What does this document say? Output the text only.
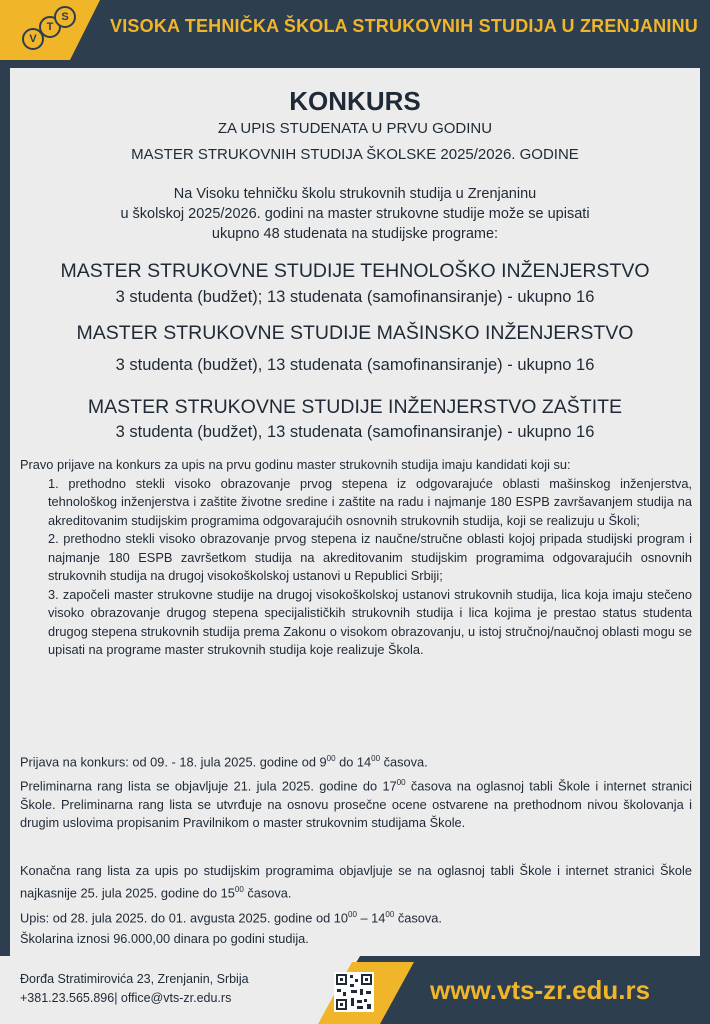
V
T
S	VISOKA TEHNIČKA ŠKOLA STRUKOVNIH STUDIJA U ZRENJANINU
KONKURS
ZA UPIS STUDENATA U PRVU GODINU
MASTER STRUKOVNIH STUDIJA ŠKOLSKE 2025/2026. GODINE
Na Visoku tehničku školu strukovnih studija u Zrenjaninu
u školskoj 2025/2026. godini na master strukovne studije može se upisati
ukupno 48 studenata na studijske programe:
MASTER STRUKOVNE STUDIJE TEHNOLOŠKO INŽENJERSTVO
3 studenta (budžet); 13 studenata (samofinansiranje) - ukupno 16
MASTER STRUKOVNE STUDIJE MAŠINSKO INŽENJERSTVO
3 studenta (budžet), 13 studenata (samofinansiranje) - ukupno 16
MASTER STRUKOVNE STUDIJE INŽENJERSTVO ZAŠTITE
3 studenta (budžet), 13 studenata (samofinansiranje) - ukupno 16
Pravo prijave na konkurs za upis na prvu godinu master strukovnih studija imaju kandidati koji su:
1. prethodno stekli visoko obrazovanje prvog stepena iz odgovarajuće oblasti mašinskog inženjerstva, tehnološkog inženjerstva i zaštite životne sredine i zaštite na radu i najmanje 180 ESPB završavanjem studija na akreditovanim studijskim programima odgovarajućih osnovnih strukovnih studija, koji se realizuju u Školi;
2. prethodno stekli visoko obrazovanje prvog stepena iz naučne/stručne oblasti kojoj pripada studijski program i najmanje 180 ESPB završetkom studija na akreditovanim studijskim programima odgovarajućih osnovnih strukovnih studija na drugoj visokoškolskoj ustanovi u Republici Srbiji;
3. započeli master strukovne studije na drugoj visokoškolskoj ustanovi strukovnih studija, lica koja imaju stečeno visoko obrazovanje drugog stepena specijalističkih strukovnih studija i lica kojima je prestao status studenta drugog stepena strukovnih studija prema Zakonu o visokom obrazovanju, u istoj stručnoj/naučnoj oblasti mogu se upisati na programe master strukovnih studija koje realizuje Škola.
Prijava na konkurs: od 09. - 18. jula 2025. godine od $9^{00}$ do $14^{00}$ časova.
Preliminarna rang lista se objavljuje 21. jula 2025. godine do $17^{00}$ časova na oglasnoj tabli Škole i internet stranici Škole. Preliminarna rang lista se utvrđuje na osnovu prosečne ocene ostvarene na prethodnom nivou školovanja i drugim uslovima propisanim Pravilnikom o master strukovnim studijama Škole.
Konačna rang lista za upis po studijskim programima objavljuje se na oglasnoj tabli Škole i internet stranici Škole najkasnije 25. jula 2025. godine do $15^{00}$ časova.
Upis: od 28. jula 2025. do 01. avgusta 2025. godine od $10^{00} - 14^{00}$ časova.
Školarina iznosi 96.000,00 dinara po godini studija.
Đorđa Stratimirovića 23, Zrenjanin, Srbija
+381.23.565.896| office@vts-zr.edu.rs	www.vts-zr.edu.rs
